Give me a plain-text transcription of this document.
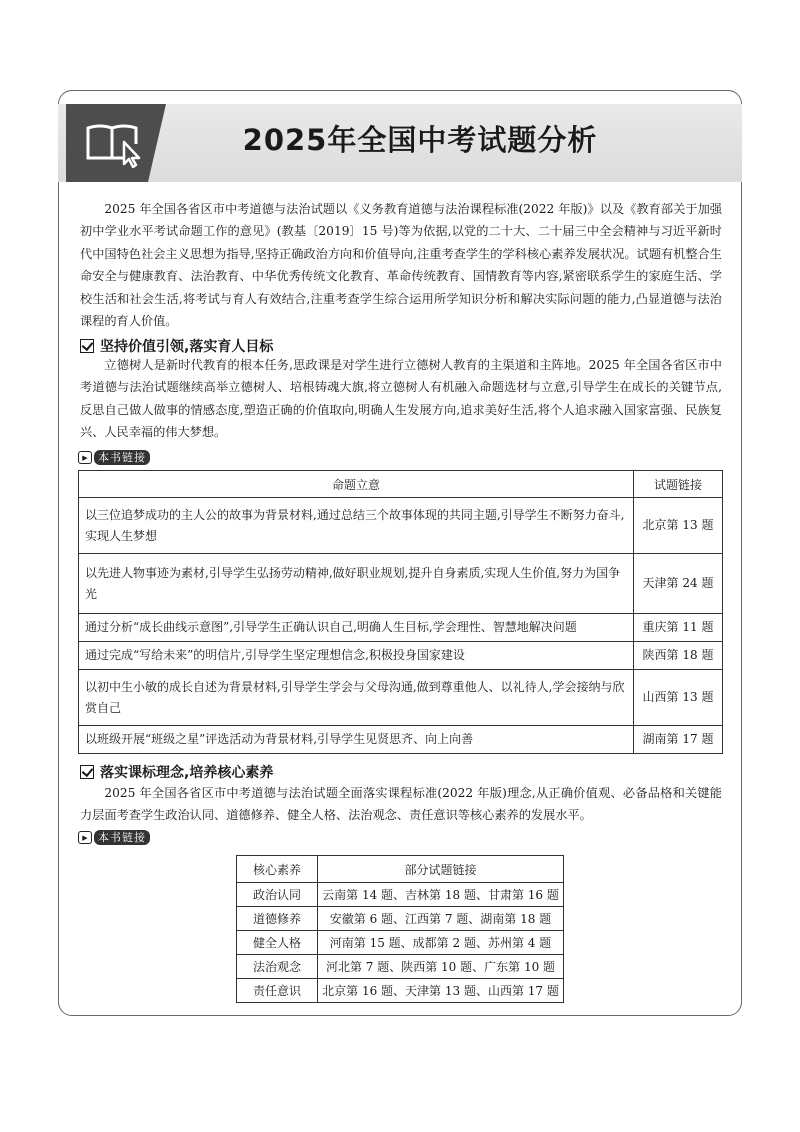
2025年全国中考试题分析

2025 年全国各省区市中考道德与法治试题以《义务教育道德与法治课程标准(2022 年版)》以及《教育部关于加强初中学业水平考试命题工作的意见》(教基〔2019〕15 号)等为依据,以党的二十大、二十届三中全会精神与习近平新时代中国特色社会主义思想为指导,坚持正确政治方向和价值导向,注重考查学生的学科核心素养发展状况。试题有机整合生命安全与健康教育、法治教育、中华优秀传统文化教育、革命传统教育、国情教育等内容,紧密联系学生的家庭生活、学校生活和社会生活,将考试与育人有效结合,注重考查学生综合运用所学知识分析和解决实际问题的能力,凸显道德与法治课程的育人价值。

坚持价值引领,落实育人目标

立德树人是新时代教育的根本任务,思政课是对学生进行立德树人教育的主渠道和主阵地。2025 年全国各省区市中考道德与法治试题继续高举立德树人、培根铸魂大旗,将立德树人有机融入命题选材与立意,引导学生在成长的关键节点,反思自己做人做事的情感态度,塑造正确的价值取向,明确人生发展方向,追求美好生活,将个人追求融入国家富强、民族复兴、人民幸福的伟大梦想。

▶ 本书链接
命题立意	试题链接
以三位追梦成功的主人公的故事为背景材料,通过总结三个故事体现的共同主题,引导学生不断努力奋斗,实现人生梦想	北京第 13 题
以先进人物事迹为素材,引导学生弘扬劳动精神,做好职业规划,提升自身素质,实现人生价值,努力为国争光	天津第 24 题
通过分析“成长曲线示意图”,引导学生正确认识自己,明确人生目标,学会理性、智慧地解决问题	重庆第 11 题
通过完成“写给未来”的明信片,引导学生坚定理想信念,积极投身国家建设	陕西第 18 题
以初中生小敏的成长自述为背景材料,引导学生学会与父母沟通,做到尊重他人、以礼待人,学会接纳与欣赏自己	山西第 13 题
以班级开展“班级之星”评选活动为背景材料,引导学生见贤思齐、向上向善	湖南第 17 题
落实课标理念,培养核心素养

2025 年全国各省区市中考道德与法治试题全面落实课程标准(2022 年版)理念,从正确价值观、必备品格和关键能力层面考查学生政治认同、道德修养、健全人格、法治观念、责任意识等核心素养的发展水平。

▶ 本书链接
核心素养	部分试题链接
政治认同	云南第 14 题、吉林第 18 题、甘肃第 16 题
道德修养	安徽第 6 题、江西第 7 题、湖南第 18 题
健全人格	河南第 15 题、成都第 2 题、苏州第 4 题
法治观念	河北第 7 题、陕西第 10 题、广东第 10 题
责任意识	北京第 16 题、天津第 13 题、山西第 17 题
